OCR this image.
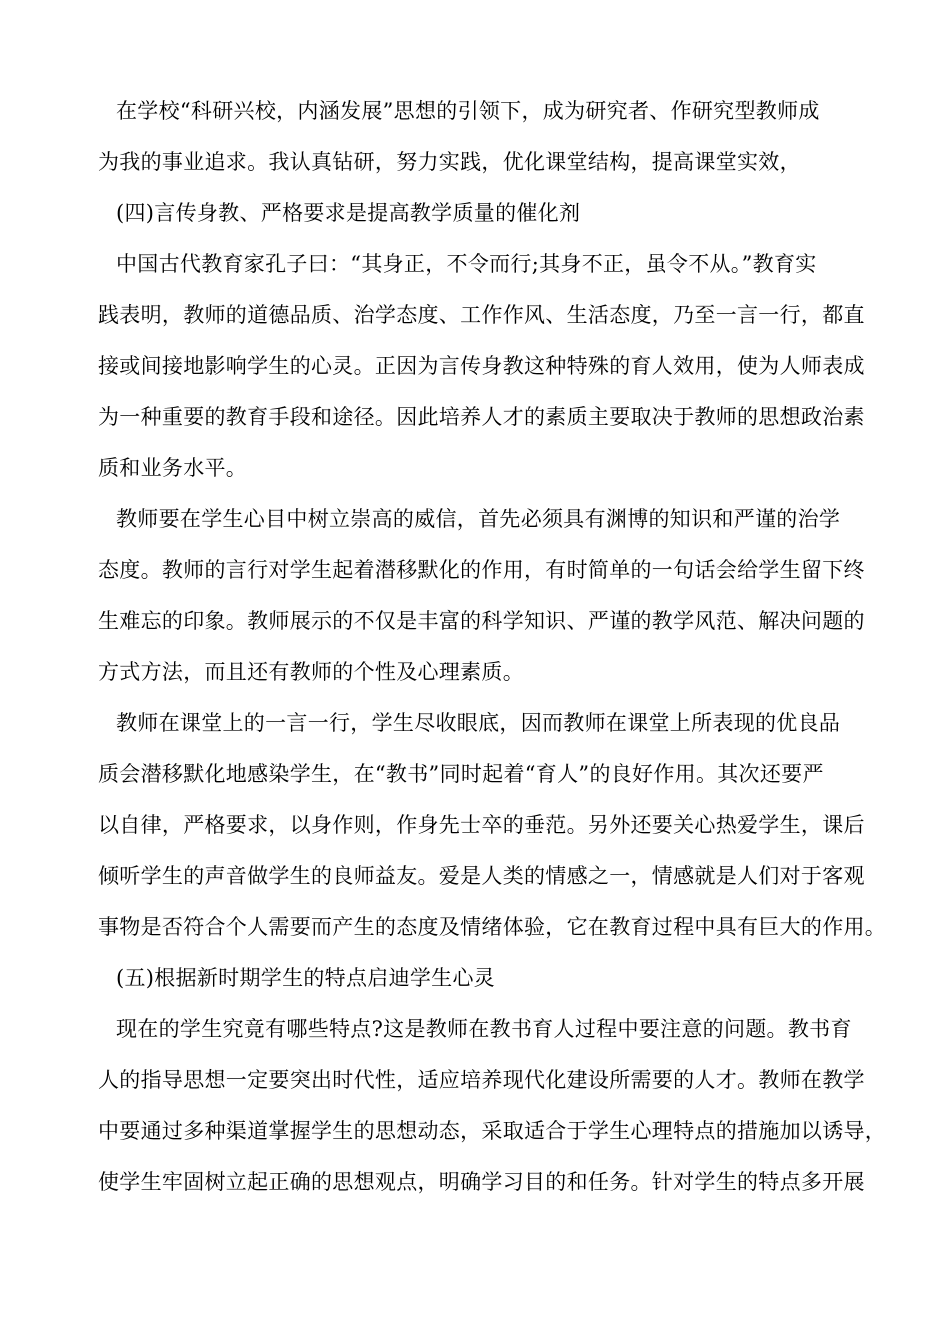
在学校“科研兴校，内涵发展”思想的引领下，成为研究者、作研究型教师成
为我的事业追求。我认真钻研，努力实践，优化课堂结构，提高课堂实效，
(四)言传身教、严格要求是提高教学质量的催化剂
中国古代教育家孔子曰：“其身正，不令而行;其身不正，虽令不从。”教育实
践表明，教师的道德品质、治学态度、工作作风、生活态度，乃至一言一行，都直
接或间接地影响学生的心灵。正因为言传身教这种特殊的育人效用，使为人师表成
为一种重要的教育手段和途径。因此培养人才的素质主要取决于教师的思想政治素
质和业务水平。
教师要在学生心目中树立崇高的威信，首先必须具有渊博的知识和严谨的治学
态度。教师的言行对学生起着潜移默化的作用，有时简单的一句话会给学生留下终
生难忘的印象。教师展示的不仅是丰富的科学知识、严谨的教学风范、解决问题的
方式方法，而且还有教师的个性及心理素质。
教师在课堂上的一言一行，学生尽收眼底，因而教师在课堂上所表现的优良品
质会潜移默化地感染学生，在“教书”同时起着“育人”的良好作用。其次还要严
以自律，严格要求，以身作则，作身先士卒的垂范。另外还要关心热爱学生，课后
倾听学生的声音做学生的良师益友。爱是人类的情感之一，情感就是人们对于客观
事物是否符合个人需要而产生的态度及情绪体验，它在教育过程中具有巨大的作用。
(五)根据新时期学生的特点启迪学生心灵
现在的学生究竟有哪些特点?这是教师在教书育人过程中要注意的问题。教书育
人的指导思想一定要突出时代性，适应培养现代化建设所需要的人才。教师在教学
中要通过多种渠道掌握学生的思想动态，采取适合于学生心理特点的措施加以诱导，
使学生牢固树立起正确的思想观点，明确学习目的和任务。针对学生的特点多开展
